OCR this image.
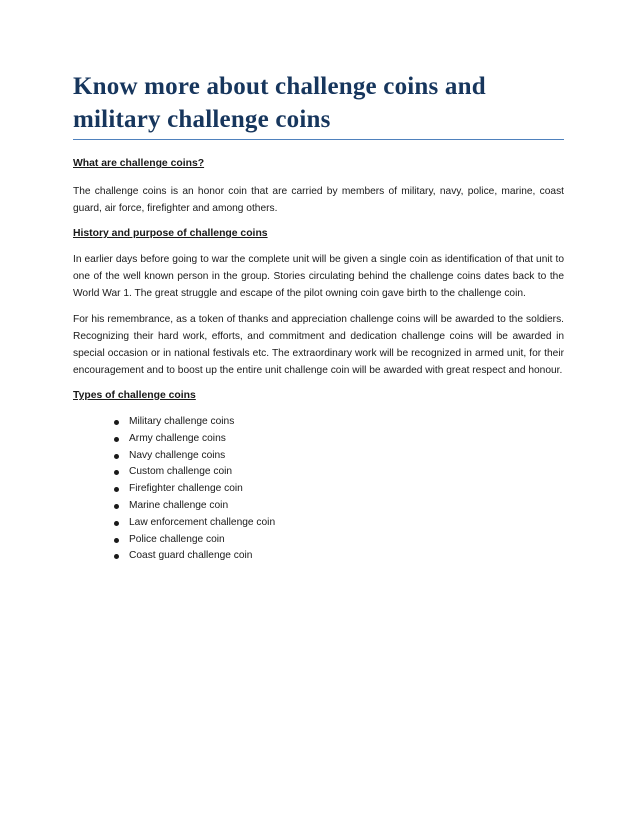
Know more about challenge coins and military challenge coins

What are challenge coins?

The challenge coins is an honor coin that are carried by members of military, navy, police, marine, coast guard, air force, firefighter and among others.

History and purpose of challenge coins

In earlier days before going to war the complete unit will be given a single coin as identification of that unit to one of the well known person in the group. Stories circulating behind the challenge coins dates back to the World War 1. The great struggle and escape of the pilot owning coin gave birth to the challenge coin.

For his remembrance, as a token of thanks and appreciation challenge coins will be awarded to the soldiers. Recognizing their hard work, efforts, and commitment and dedication challenge coins will be awarded in special occasion or in national festivals etc. The extraordinary work will be recognized in armed unit, for their encouragement and to boost up the entire unit challenge coin will be awarded with great respect and honour.

Types of challenge coins

Military challenge coins
Army challenge coins
Navy challenge coins
Custom challenge coin
Firefighter challenge coin
Marine challenge coin
Law enforcement challenge coin
Police challenge coin
Coast guard challenge coin
